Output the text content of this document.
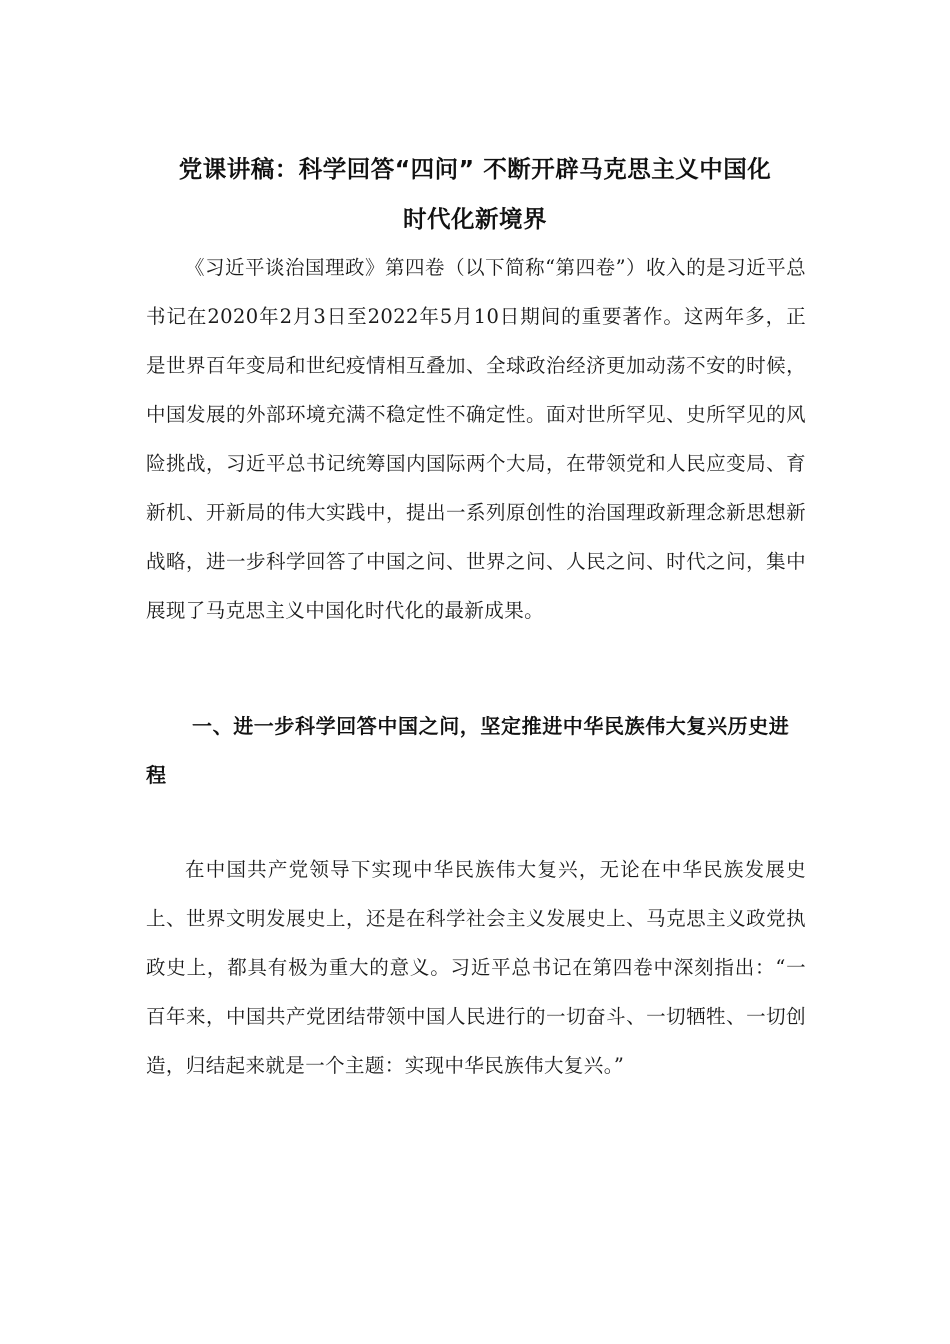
党课讲稿：科学回答“四问” 不断开辟马克思主义中国化
时代化新境界

《习近平谈治国理政》第四卷（以下简称“第四卷”）收入的是习近平总书记在2020年2月3日至2022年5月10日期间的重要著作。这两年多，正是世界百年变局和世纪疫情相互叠加、全球政治经济更加动荡不安的时候，中国发展的外部环境充满不稳定性不确定性。面对世所罕见、史所罕见的风险挑战，习近平总书记统筹国内国际两个大局，在带领党和人民应变局、育新机、开新局的伟大实践中，提出一系列原创性的治国理政新理念新思想新战略，进一步科学回答了中国之问、世界之问、人民之问、时代之问，集中展现了马克思主义中国化时代化的最新成果。

一、进一步科学回答中国之问，坚定推进中华民族伟大复兴历史进程

在中国共产党领导下实现中华民族伟大复兴，无论在中华民族发展史上、世界文明发展史上，还是在科学社会主义发展史上、马克思主义政党执政史上，都具有极为重大的意义。习近平总书记在第四卷中深刻指出：“一百年来，中国共产党团结带领中国人民进行的一切奋斗、一切牺牲、一切创造，归结起来就是一个主题：实现中华民族伟大复兴。”
